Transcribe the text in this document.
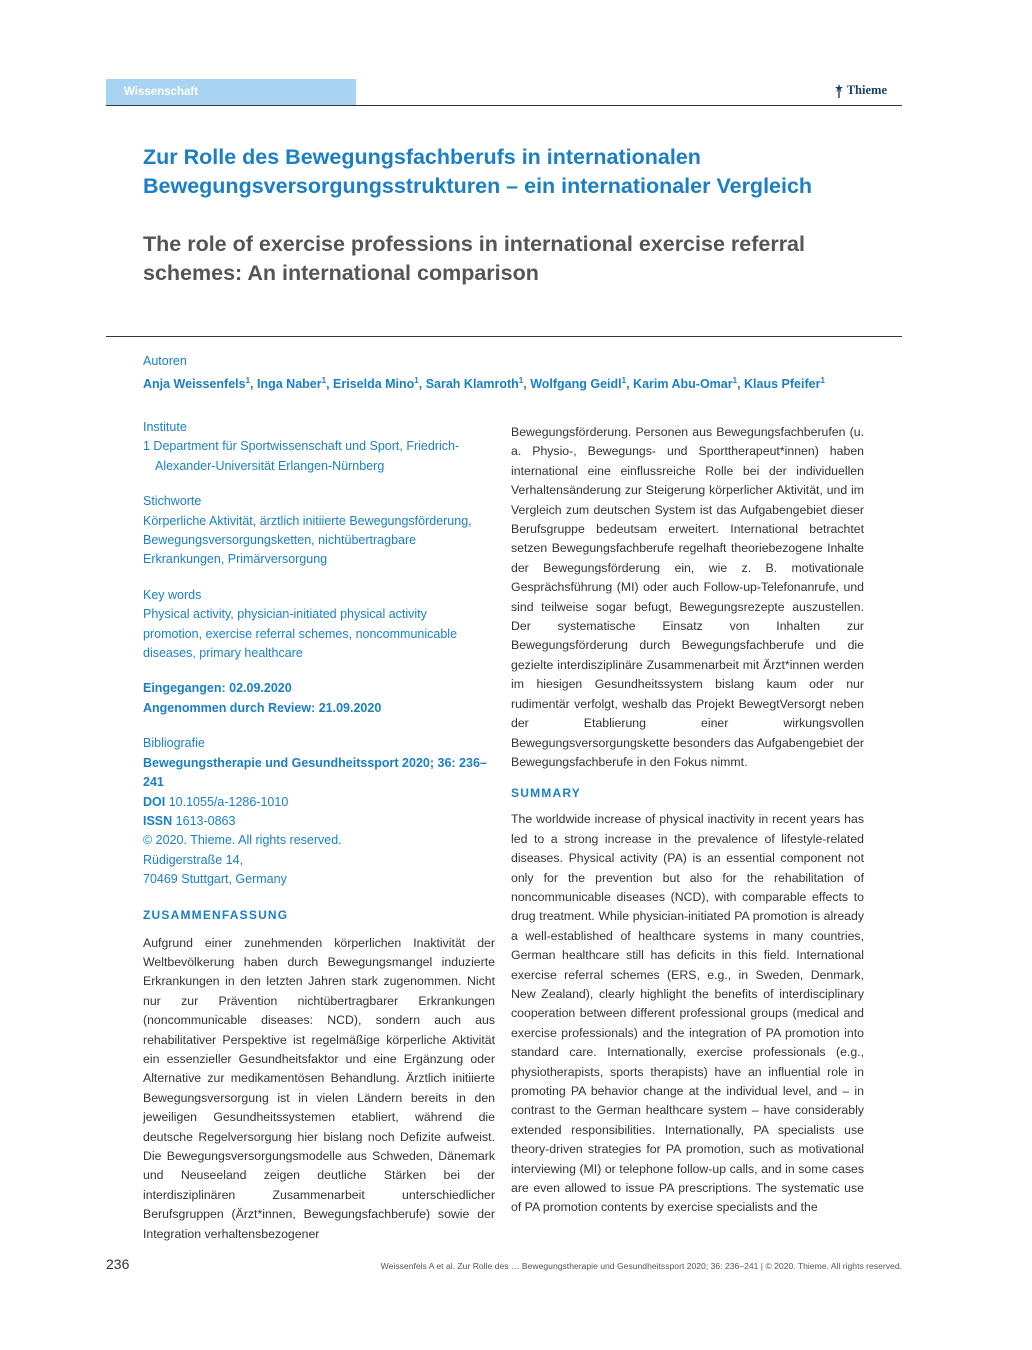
Wissenschaft	Thieme
Zur Rolle des Bewegungsfachberufs in internationalen Bewegungsversorgungsstrukturen – ein internationaler Vergleich
The role of exercise professions in international exercise referral schemes: An international comparison
Autoren
Anja Weissenfels$^1$, Inga Naber$^1$, Eriselda Mino$^1$, Sarah Klamroth$^1$, Wolfgang Geidl$^1$, Karim Abu-Omar$^1$, Klaus Pfeifer$^1$
Institute
1 Department für Sportwissenschaft und Sport, Friedrich-
Alexander-Universität Erlangen-Nürnberg
Stichworte
Körperliche Aktivität, ärztlich initiierte Bewegungsförderung,
Bewegungsversorgungsketten, nichtübertragbare
Erkrankungen, Primärversorgung
Key words
Physical activity, physician-initiated physical activity
promotion, exercise referral schemes, noncommunicable
diseases, primary healthcare
Eingegangen: 02.09.2020
Angenommen durch Review: 21.09.2020
Bibliografie
Bewegungstherapie und Gesundheitssport 2020; 36: 236–
241
DOI 10.1055/a-1286-1010
ISSN 1613-0863
© 2020. Thieme. All rights reserved.
Rüdigerstraße 14,
70469 Stuttgart, Germany
ZUSAMMENFASSUNG

Aufgrund einer zunehmenden körperlichen Inaktivität der Weltbevölkerung haben durch Bewegungsmangel induzierte Erkrankungen in den letzten Jahren stark zugenommen. Nicht nur zur Prävention nichtübertragbarer Erkrankungen (noncommunicable diseases: NCD), sondern auch aus rehabilitativer Perspektive ist regelmäßige körperliche Aktivität ein essenzieller Gesundheitsfaktor und eine Ergänzung oder Alternative zur medikamentösen Behandlung. Ärztlich initiierte Bewegungsversorgung ist in vielen Ländern bereits in den jeweiligen Gesundheitssystemen etabliert, während die deutsche Regelversorgung hier bislang noch Defizite aufweist. Die Bewegungsversorgungsmodelle aus Schweden, Dänemark und Neuseeland zeigen deutliche Stärken bei der interdisziplinären Zusammenarbeit unterschiedlicher Berufsgruppen (Ärzt*innen, Bewegungsfachberufe) sowie der Integration verhaltensbezogener

Bewegungsförderung. Personen aus Bewegungsfachberufen (u. a. Physio-, Bewegungs- und Sporttherapeut*innen) haben international eine einflussreiche Rolle bei der individuellen Verhaltensänderung zur Steigerung körperlicher Aktivität, und im Vergleich zum deutschen System ist das Aufgabengebiet dieser Berufsgruppe bedeutsam erweitert. International betrachtet setzen Bewegungsfachberufe regelhaft theoriebezogene Inhalte der Bewegungsförderung ein, wie z. B. motivationale Gesprächsführung (MI) oder auch Follow-up-Telefonanrufe, und sind teilweise sogar befugt, Bewegungsrezepte auszustellen. Der systematische Einsatz von Inhalten zur Bewegungsförderung durch Bewegungsfachberufe und die gezielte interdisziplinäre Zusammenarbeit mit Ärzt*innen werden im hiesigen Gesundheitssystem bislang kaum oder nur rudimentär verfolgt, weshalb das Projekt BewegtVersorgt neben der Etablierung einer wirkungsvollen Bewegungsversorgungskette besonders das Aufgabengebiet der Bewegungsfachberufe in den Fokus nimmt.

SUMMARY

The worldwide increase of physical inactivity in recent years has led to a strong increase in the prevalence of lifestyle-related diseases. Physical activity (PA) is an essential component not only for the prevention but also for the rehabilitation of noncommunicable diseases (NCD), with comparable effects to drug treatment. While physician-initiated PA promotion is already a well-established of healthcare systems in many countries, German healthcare still has deficits in this field. International exercise referral schemes (ERS, e.g., in Sweden, Denmark, New Zealand), clearly highlight the benefits of interdisciplinary cooperation between different professional groups (medical and exercise professionals) and the integration of PA promotion into standard care. Internationally, exercise professionals (e.g., physiotherapists, sports therapists) have an influential role in promoting PA behavior change at the individual level, and – in contrast to the German healthcare system – have considerably extended responsibilities. Internationally, PA specialists use theory-driven strategies for PA promotion, such as motivational interviewing (MI) or telephone follow-up calls, and in some cases are even allowed to issue PA prescriptions. The systematic use of PA promotion contents by exercise specialists and the

236	Weissenfels A et al. Zur Rolle des … Bewegungstherapie und Gesundheitssport 2020; 36: 236–241 | © 2020. Thieme. All rights reserved.
